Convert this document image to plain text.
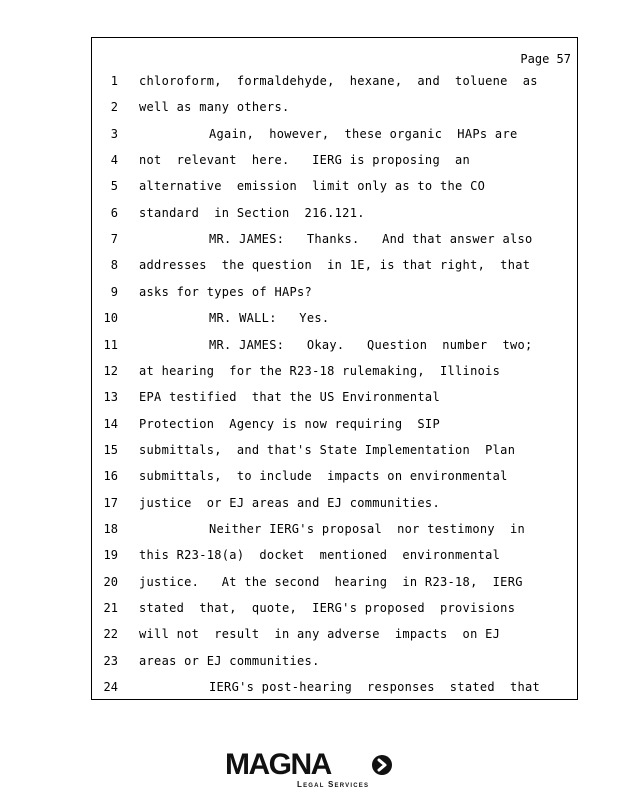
Page 57
1 chloroform,  formaldehyde,  hexane,  and  toluene  as
2 well as many others.
3	Again,  however,  these organic  HAPs are
4 not  relevant  here.   IERG is proposing  an
5 alternative  emission  limit only as to the CO
6 standard  in Section  216.121.
7	MR. JAMES:   Thanks.   And that answer also
8 addresses  the question  in 1E, is that right,  that
9 asks for types of HAPs?
10	MR. WALL:   Yes.
11	MR. JAMES:   Okay.   Question  number  two;
12 at hearing  for the R23-18 rulemaking,  Illinois
13 EPA testified  that the US Environmental
14 Protection  Agency is now requiring  SIP
15 submittals,  and that's State Implementation  Plan
16 submittals,  to include  impacts on environmental
17 justice  or EJ areas and EJ communities.
18	Neither IERG's proposal  nor testimony  in
19 this R23-18(a)  docket  mentioned  environmental
20 justice.   At the second  hearing  in R23-18,  IERG
21 stated  that,  quote,  IERG's proposed  provisions
22 will not  result  in any adverse  impacts  on EJ
23 areas or EJ communities.
24	IERG's post-hearing  responses  stated  that
MAGNA
Legal Services
